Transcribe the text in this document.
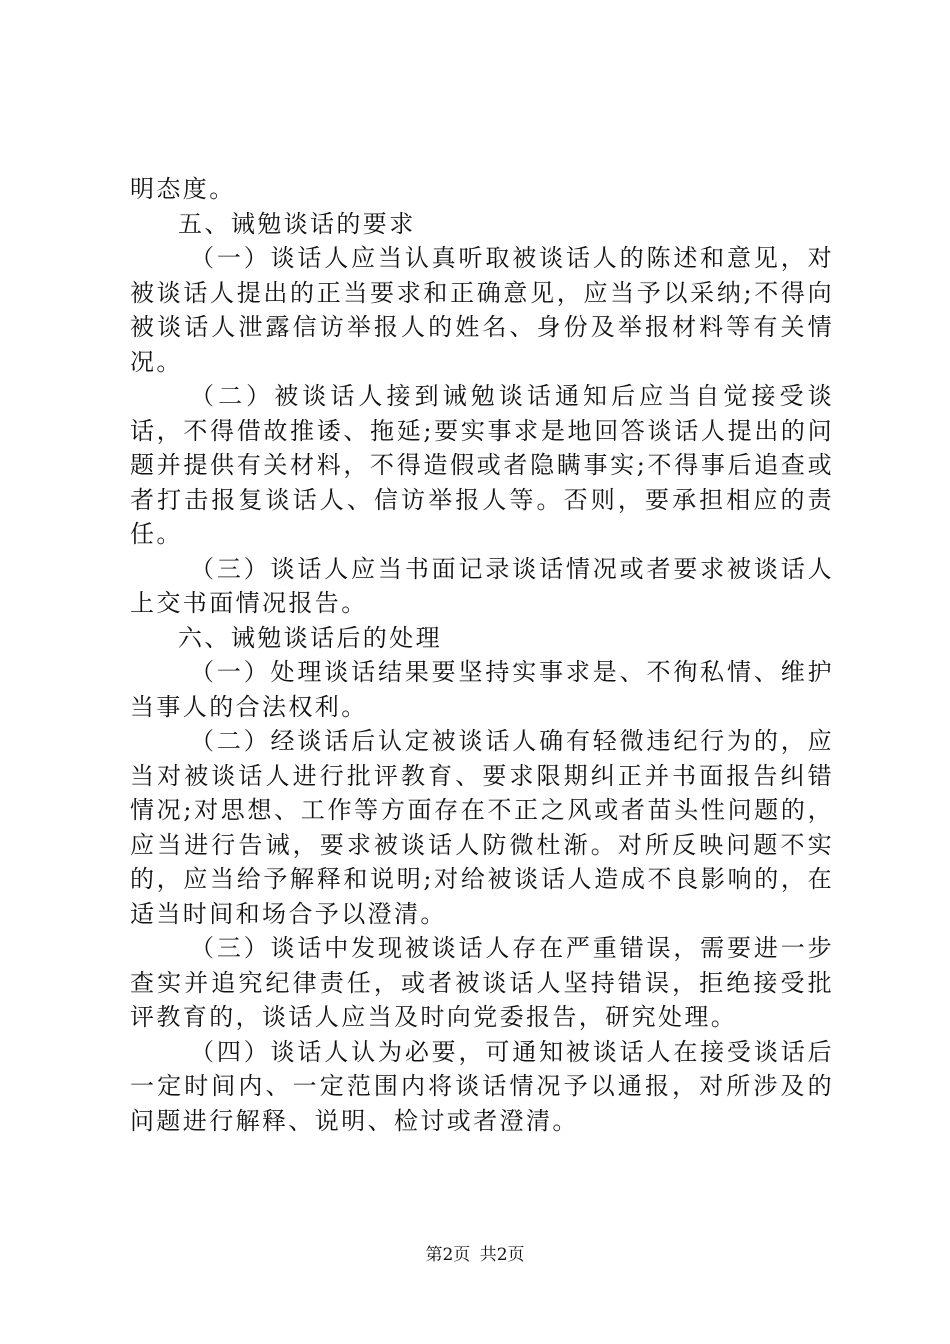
明态度。

五、诫勉谈话的要求

（一）谈话人应当认真听取被谈话人的陈述和意见，对被谈话人提出的正当要求和正确意见，应当予以采纳;不得向被谈话人泄露信访举报人的姓名、身份及举报材料等有关情况。

（二）被谈话人接到诫勉谈话通知后应当自觉接受谈话，不得借故推诿、拖延;要实事求是地回答谈话人提出的问题并提供有关材料，不得造假或者隐瞒事实;不得事后追查或者打击报复谈话人、信访举报人等。否则，要承担相应的责任。

（三）谈话人应当书面记录谈话情况或者要求被谈话人上交书面情况报告。

六、诫勉谈话后的处理

（一）处理谈话结果要坚持实事求是、不徇私情、维护当事人的合法权利。

（二）经谈话后认定被谈话人确有轻微违纪行为的，应当对被谈话人进行批评教育、要求限期纠正并书面报告纠错情况;对思想、工作等方面存在不正之风或者苗头性问题的，应当进行告诫，要求被谈话人防微杜渐。对所反映问题不实的，应当给予解释和说明;对给被谈话人造成不良影响的，在适当时间和场合予以澄清。

（三）谈话中发现被谈话人存在严重错误，需要进一步查实并追究纪律责任，或者被谈话人坚持错误，拒绝接受批评教育的，谈话人应当及时向党委报告，研究处理。

（四）谈话人认为必要，可通知被谈话人在接受谈话后一定时间内、一定范围内将谈话情况予以通报，对所涉及的问题进行解释、说明、检讨或者澄清。

第2页 共2页
